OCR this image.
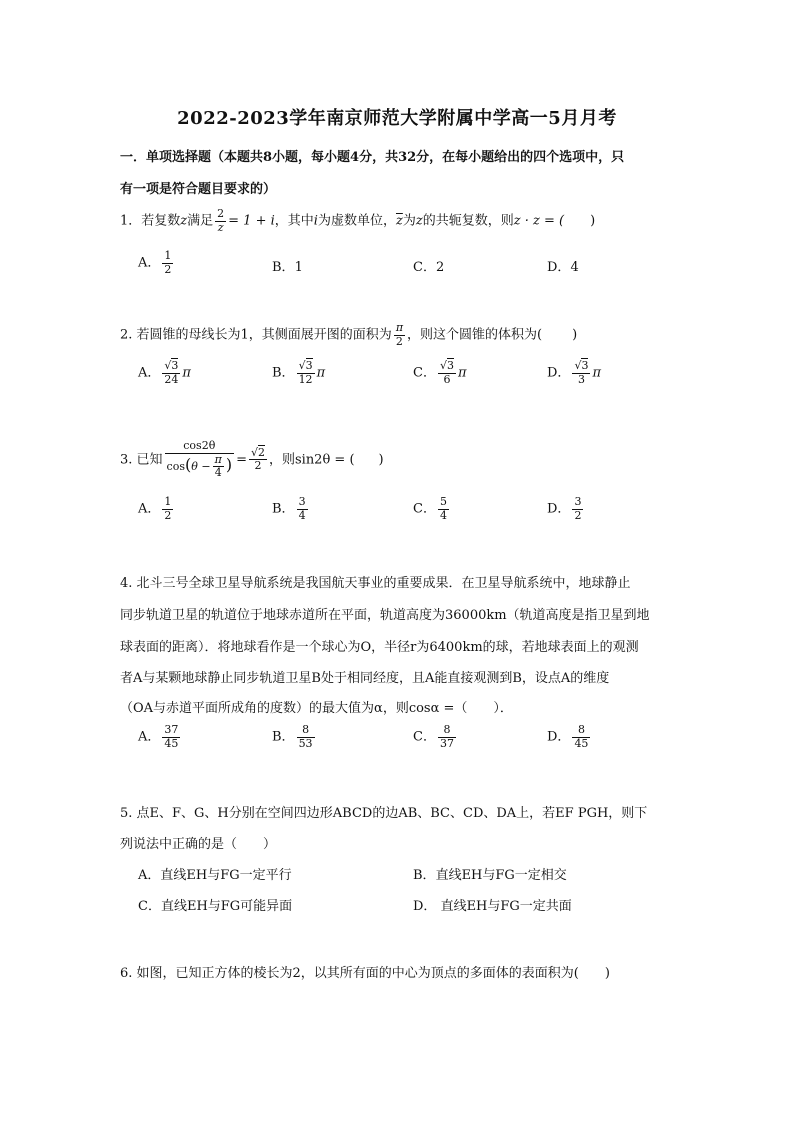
2022-2023学年南京师范大学附属中学高一5月月考
一．单项选择题（本题共8小题，每小题4分，共32分，在每小题给出的四个选项中，只
有一项是符合题目要求的）
1．若复数z满足 $\frac{2}{z} = 1 + i$，其中i为虚数单位，$\overline{z}$为z的共轭复数，则z · z = ( )
A． $\frac{1}{2}$	B．1	C．2	D．4
2. 若圆锥的母线长为1，其侧面展开图的面积为 $\frac{\pi}{2}$ ，则这个圆锥的体积为( )
A． $\frac{√3}{24}$ π	B． $\frac{√3}{12}$ π	C． $\frac{√3}{6}$ π	D． $\frac{√3}{3}$ π
3. 已知 $\frac{\cos 2\theta}{\cos(\theta - \frac{\pi}{4} )} = \frac{√2}{2}$ ，则sin2θ = ( )
A． $\frac{1}{2}$	B． $\frac{3}{4}$	C． $\frac{5}{4}$	D． $\frac{3}{2}$
4. 北斗三号全球卫星导航系统是我国航天事业的重要成果．在卫星导航系统中，地球静止
同步轨道卫星的轨道位于地球赤道所在平面，轨道高度为36000km（轨道高度是指卫星到地
球表面的距离）．将地球看作是一个球心为O，半径r为6400km的球，若地球表面上的观测
者A与某颗地球静止同步轨道卫星B处于相同经度，且A能直接观测到B，设点A的维度
（OA与赤道平面所成角的度数）的最大值为α，则cosα =（　　）．
A． $\frac{37}{45}$	B． $\frac{8}{53}$	C． $\frac{8}{37}$	D． $\frac{8}{45}$
5. 点E、F、G、H分别在空间四边形ABCD的边AB、BC、CD、DA上，若EF PGH，则下
列说法中正确的是（　　）
A．直线EH与FG一定平行	B．直线EH与FG一定相交
C．直线EH与FG可能异面	D． 直线EH与FG一定共面
6. 如图，已知正方体的棱长为2，以其所有面的中心为顶点的多面体的表面积为(　　)
